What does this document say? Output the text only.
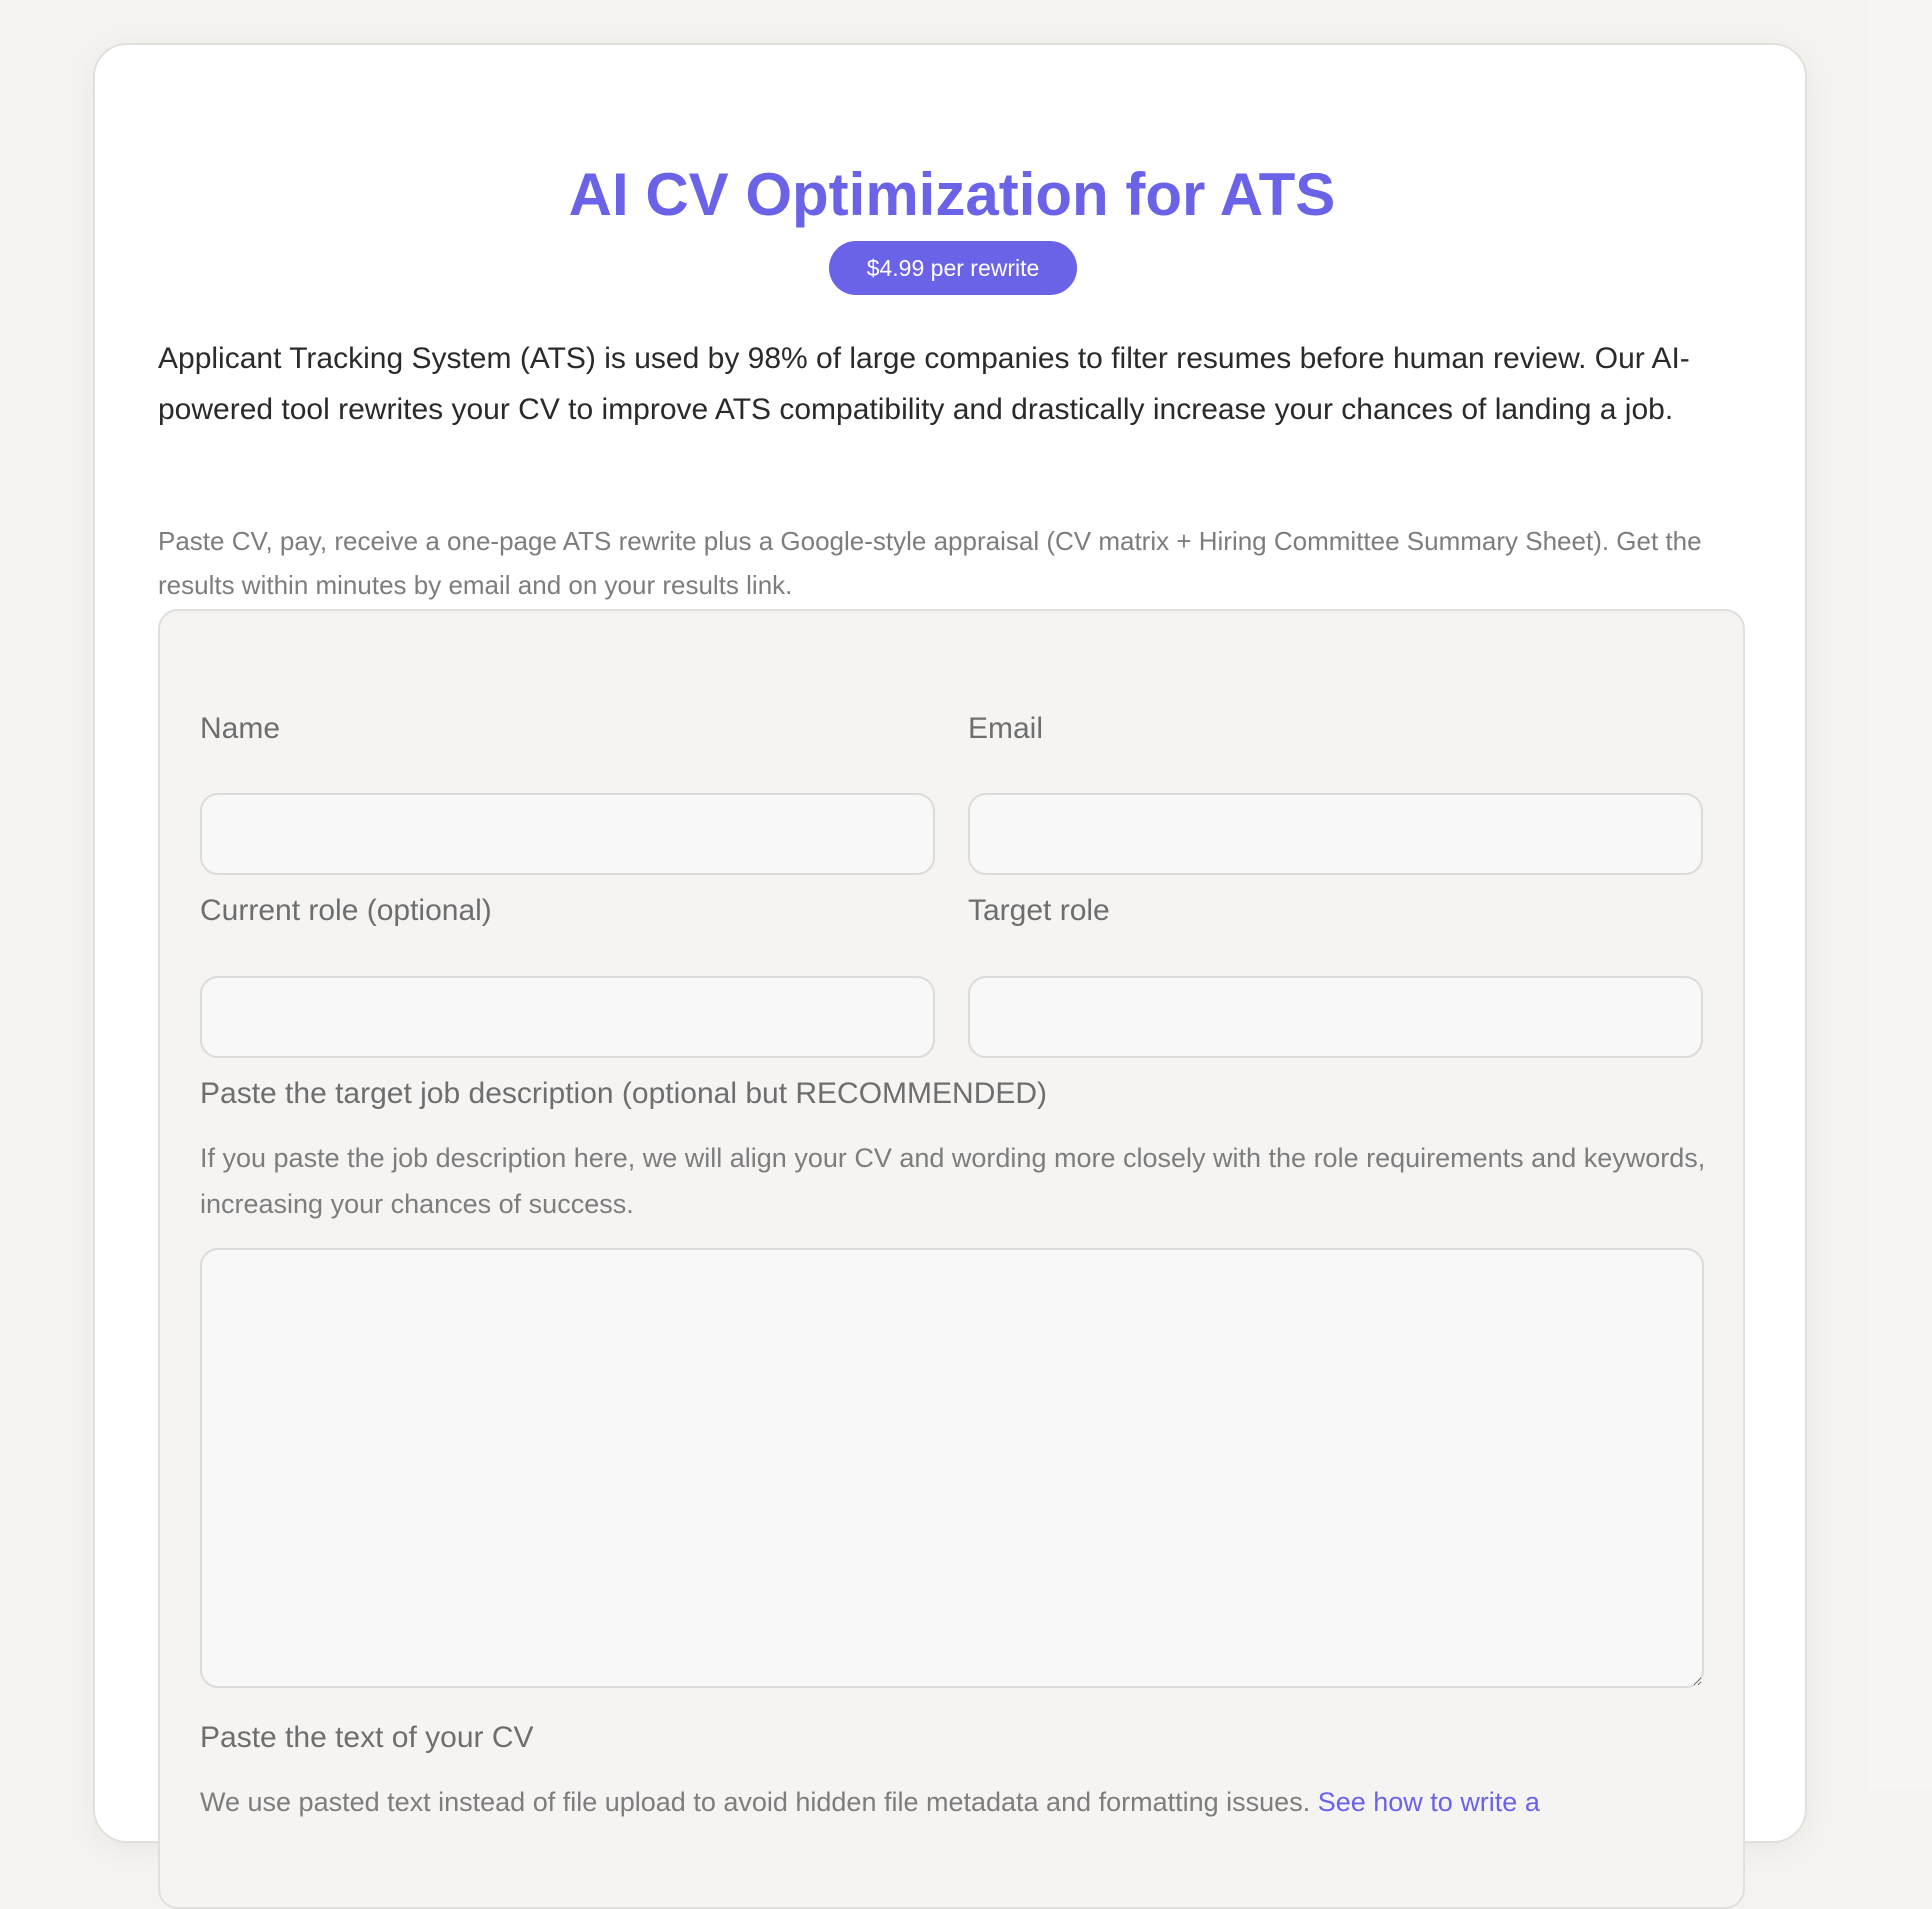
AI CV Optimization for ATS
$4.99 per rewrite

Applicant Tracking System (ATS) is used by 98% of large companies to filter resumes before human review. Our AI-powered tool rewrites your CV to improve ATS compatibility and drastically increase your chances of landing a job.

Paste CV, pay, receive a one-page ATS rewrite plus a Google-style appraisal (CV matrix + Hiring Committee Summary Sheet). Get the results within minutes by email and on your results link.

Name	Email
Current role (optional)	Target role
Paste the target job description (optional but RECOMMENDED)

If you paste the job description here, we will align your CV and wording more closely with the role requirements and keywords, increasing your chances of success.

Paste the text of your CV

We use pasted text instead of file upload to avoid hidden file metadata and formatting issues. See how to write a
